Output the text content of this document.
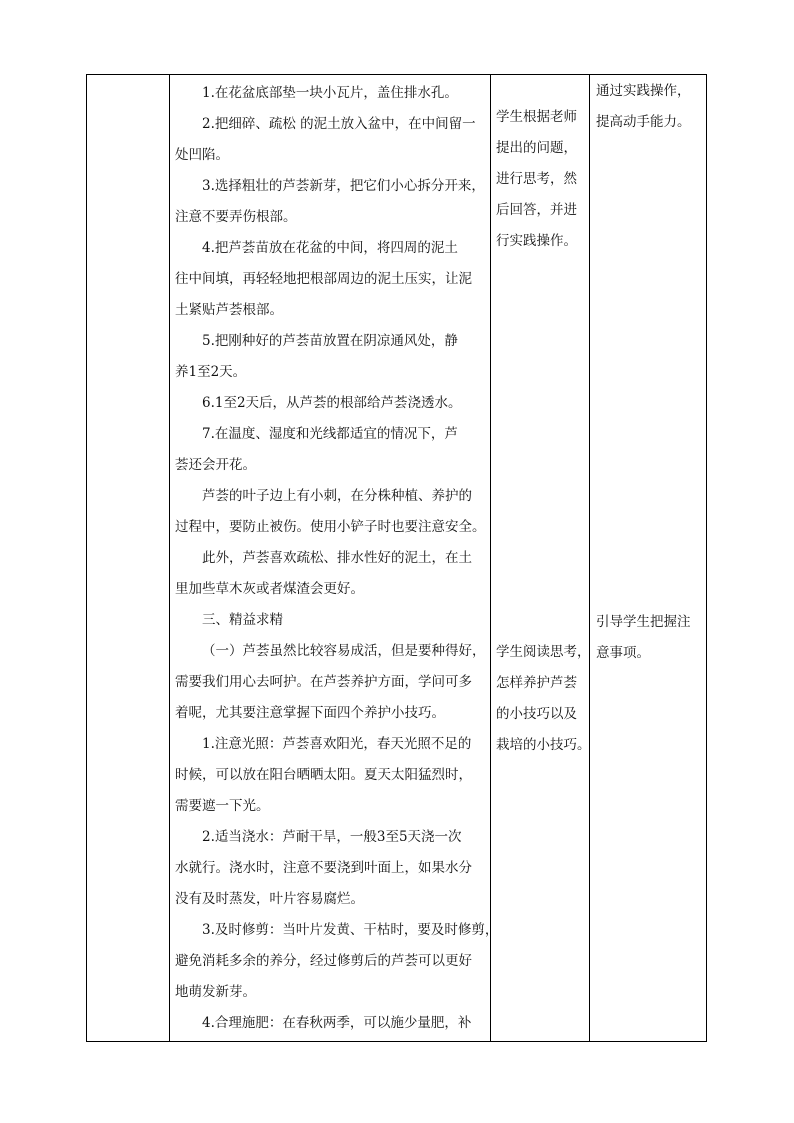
1.在花盆底部垫一块小瓦片，盖住排水孔。

2.把细碎、疏松 的泥土放入盆中，在中间留一

处凹陷。

3.选择粗壮的芦荟新芽，把它们小心拆分开来，

注意不要弄伤根部。

4.把芦荟苗放在花盆的中间，将四周的泥土

往中间填，再轻轻地把根部周边的泥土压实，让泥

土紧贴芦荟根部。

5.把刚种好的芦荟苗放置在阴凉通风处，静

养1至2天。

6.1至2天后，从芦荟的根部给芦荟浇透水。

7.在温度、湿度和光线都适宜的情况下，芦

荟还会开花。

芦荟的叶子边上有小刺，在分株种植、养护的

过程中，要防止被伤。使用小铲子时也要注意安全。

此外，芦荟喜欢疏松、排水性好的泥土，在土

里加些草木灰或者煤渣会更好。

三、精益求精

（一）芦荟虽然比较容易成活，但是要种得好，

需要我们用心去呵护。在芦荟养护方面，学问可多

着呢，尤其要注意掌握下面四个养护小技巧。

1.注意光照：芦荟喜欢阳光，春天光照不足的

时候，可以放在阳台晒晒太阳。夏天太阳猛烈时，

需要遮一下光。

2.适当浇水：芦耐干旱，一般3至5天浇一次

水就行。浇水时，注意不要浇到叶面上，如果水分

没有及时蒸发，叶片容易腐烂。

3.及时修剪：当叶片发黄、干枯时，要及时修剪，

避免消耗多余的养分，经过修剪后的芦荟可以更好

地萌发新芽。

4.合理施肥：在春秋两季，可以施少量肥，补

学生根据老师

提出的问题，

进行思考，然

后回答，并进

行实践操作。

学生阅读思考，

怎样养护芦荟

的小技巧以及

栽培的小技巧。

通过实践操作，

提高动手能力。

引导学生把握注

意事项。
